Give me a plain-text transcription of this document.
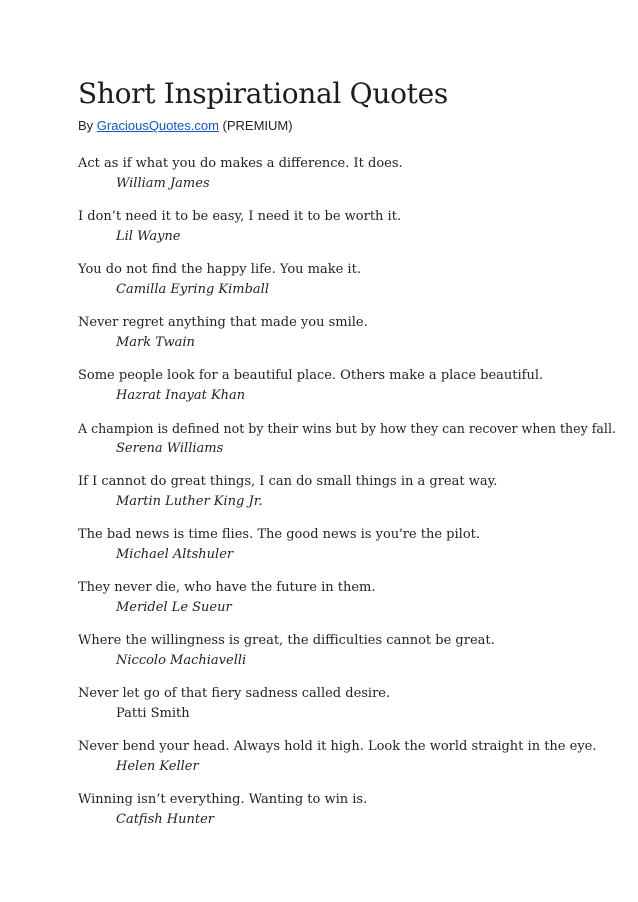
Short Inspirational Quotes
By GraciousQuotes.com (PREMIUM)
Act as if what you do makes a difference. It does.
William James
I don’t need it to be easy, I need it to be worth it.
Lil Wayne
You do not find the happy life. You make it.
Camilla Eyring Kimball
Never regret anything that made you smile.
Mark Twain
Some people look for a beautiful place. Others make a place beautiful.
Hazrat Inayat Khan
A champion is defined not by their wins but by how they can recover when they fall.
Serena Williams
If I cannot do great things, I can do small things in a great way.
Martin Luther King Jr.
The bad news is time flies. The good news is you're the pilot.
Michael Altshuler
They never die, who have the future in them.
Meridel Le Sueur
Where the willingness is great, the difficulties cannot be great.
Niccolo Machiavelli
Never let go of that fiery sadness called desire.
Patti Smith
Never bend your head. Always hold it high. Look the world straight in the eye.
Helen Keller
Winning isn’t everything. Wanting to win is.
Catfish Hunter
